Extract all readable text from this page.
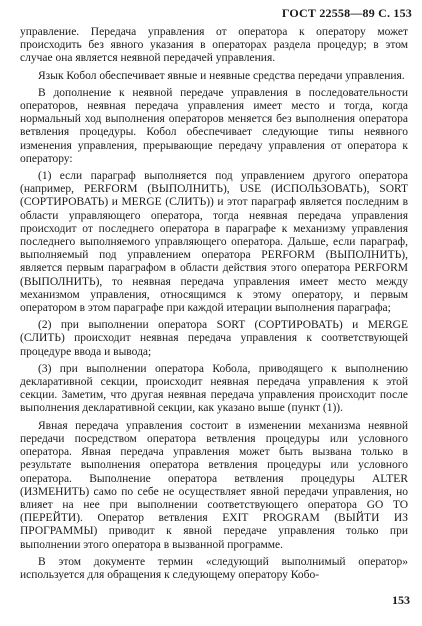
ГОСТ 22558—89 С. 153

управление. Передача управления от оператора к оператору может происходить без явного указания в операторах раздела процедур; в этом случае она является неявной передачей управления.

Язык Кобол обеспечивает явные и неявные средства передачи управления.

В дополнение к неявной передаче управления в последовательности операторов, неявная передача управления имеет место и тогда, когда нормальный ход выполнения операторов меняется без выполнения оператора ветвления процедуры. Кобол обеспечивает следующие типы неявного изменения управления, прерывающие передачу управления от оператора к оператору:

(1) если параграф выполняется под управлением другого оператора (например, PERFORM (ВЫПОЛНИТЬ), USE (ИСПОЛЬЗОВАТЬ), SORT (СОРТИРОВАТЬ) и MERGE (СЛИТЬ)) и этот параграф является последним в области управляющего оператора, тогда неявная передача управления происходит от последнего оператора в параграфе к механизму управления последнего выполняемого управляющего оператора. Дальше, если параграф, выполняемый под управлением оператора PERFORM (ВЫПОЛНИТЬ), является первым параграфом в области действия этого оператора PERFORM (ВЫПОЛНИТЬ), то неявная передача управления имеет место между механизмом управления, относящимся к этому оператору, и первым оператором в этом параграфе при каждой итерации выполнения параграфа;

(2) при выполнении оператора SORT (СОРТИРОВАТЬ) и MERGE (СЛИТЬ) происходит неявная передача управления к соответствующей процедуре ввода и вывода;

(3) при выполнении оператора Кобола, приводящего к выполнению декларативной секции, происходит неявная передача управления к этой секции. Заметим, что другая неявная передача управления происходит после выполнения декларативной секции, как указано выше (пункт (1)).

Явная передача управления состоит в изменении механизма неявной передачи посредством оператора ветвления процедуры или условного оператора. Явная передача управления может быть вызвана только в результате выполнения оператора ветвления процедуры или условного оператора. Выполнение оператора ветвления процедуры ALTER (ИЗМЕНИТЬ) само по себе не осуществляет явной передачи управления, но влияет на нее при выполнении соответствующего оператора GO TO (ПЕРЕЙТИ). Оператор ветвления EXIT PROGRAM (ВЫЙТИ ИЗ ПРОГРАММЫ) приводит к явной передаче управления только при выполнении этого оператора в вызванной программе.

В этом документе термин «следующий выполнимый оператор» используется для обращения к следующему оператору Кобо-

153
